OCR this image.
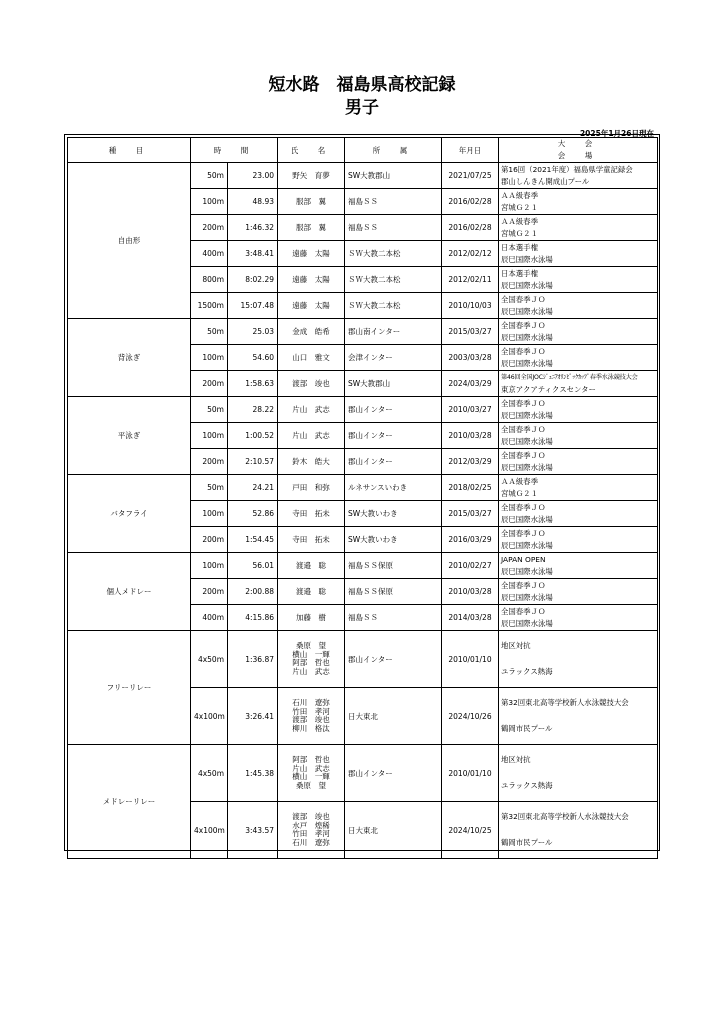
短水路　福島県高校記録
男子
2025年1月26日現在
種　目	時　間		氏　名	所　属	年月日	大　会
会　場

自由形	50m	23.00	野矢　育夢	SW大教郡山	2021/07/25	第16回（2021年度）福島県学童記録会
郡山しんきん開成山プール

	100m	48.93	服部　翼	福島ＳＳ	2016/02/28	ＡＡ級春季
宮城Ｇ２１

	200m	1:46.32	服部　翼	福島ＳＳ	2016/02/28	ＡＡ級春季
宮城Ｇ２１

	400m	3:48.41	遠藤　太陽	ＳＷ大教二本松	2012/02/12	日本選手権
辰巳国際水泳場

	800m	8:02.29	遠藤　太陽	ＳＷ大教二本松	2012/02/11	日本選手権
辰巳国際水泳場

	1500m	15:07.48	遠藤　太陽	ＳＷ大教二本松	2010/10/03	全国春季ＪＯ
辰巳国際水泳場

背泳ぎ	50m	25.03	金成　皓希	郡山南インター	2015/03/27	全国春季ＪＯ
辰巳国際水泳場

	100m	54.60	山口　雅文	会津インター	2003/03/28	全国春季ＪＯ
辰巳国際水泳場

	200m	1:58.63	渡部　竣也	SW大教郡山	2024/03/29	第46回全国JOCｼﾞｭﾆｱｵﾘﾝﾋﾟｯｸｶｯﾌﾟ春季水泳競技大会
東京アクアティクスセンター

平泳ぎ	50m	28.22	片山　武志	郡山インター	2010/03/27	全国春季ＪＯ
辰巳国際水泳場

	100m	1:00.52	片山　武志	郡山インター	2010/03/28	全国春季ＪＯ
辰巳国際水泳場

	200m	2:10.57	鈴木　皓大	郡山インター	2012/03/29	全国春季ＪＯ
辰巳国際水泳場

バタフライ	50m	24.21	戸田　和弥	ルネサンスいわき	2018/02/25	ＡＡ級春季
宮城Ｇ２１

	100m	52.86	寺田　拓未	SW大教いわき	2015/03/27	全国春季ＪＯ
辰巳国際水泳場

	200m	1:54.45	寺田　拓未	SW大教いわき	2016/03/29	全国春季ＪＯ
辰巳国際水泳場

個人メドレー	100m	56.01	渡邉　聡	福島ＳＳ保原	2010/02/27	JAPAN OPEN
辰巳国際水泳場

	200m	2:00.88	渡邉　聡	福島ＳＳ保原	2010/03/28	全国春季ＪＯ
辰巳国際水泳場

	400m	4:15.86	加藤　樹	福島ＳＳ	2014/03/28	全国春季ＪＯ
辰巳国際水泳場

フリーリレー	4x50m	1:36.87	桑原　望
横山　一輝
阿部　哲也
片山　武志	郡山インター	2010/01/10	地区対抗
ユラックス熱海

	4x100m	3:26.41	石川　遼弥
竹田　孝河
渡部　竣也
柳川　格汰	日大東北	2024/10/26	第32回東北高等学校新人水泳競技大会
鶴岡市民プール

メドレーリレー	4x50m	1:45.38	阿部　哲也
片山　武志
横山　一輝
桑原　望	郡山インター	2010/01/10	地区対抗
ユラックス熱海

	4x100m	3:43.57	渡部　竣也
水戸　煌稀
竹田　孝河
石川　遼弥	日大東北	2024/10/25	第32回東北高等学校新人水泳競技大会
鶴岡市民プール
